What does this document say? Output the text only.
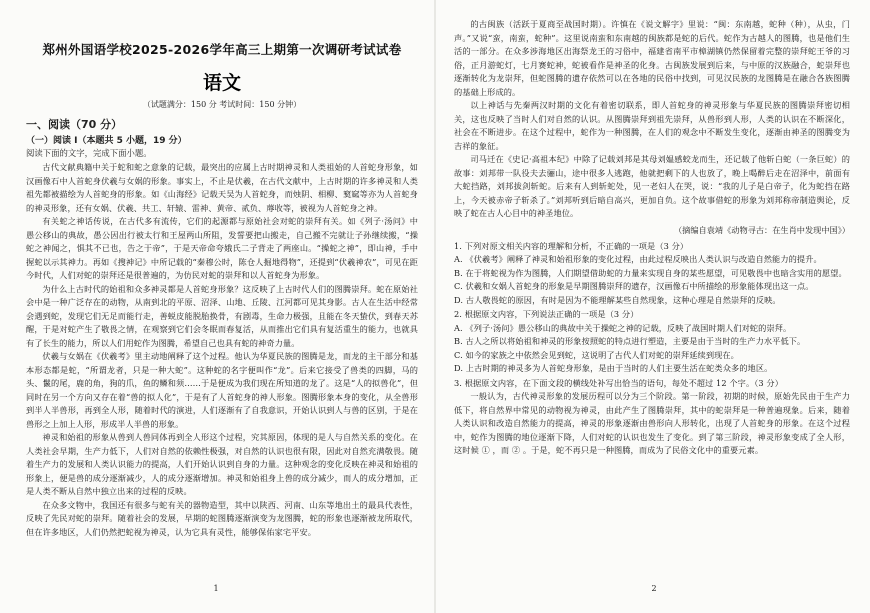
郑州外国语学校2025-2026学年高三上期第一次调研考试试卷
语文
（试题满分：150 分 考试时间：150 分钟）
一、阅读（70 分）
（一）阅读 I（本题共 5 小题，19 分）
阅读下面的文字，完成下面小题。

古代文献典籍中关于蛇和蛇之意象的记载，最突出的应属上古时期神灵和人类祖始的人首蛇身形象，如汉画像石中人首蛇身伏羲与女娲的形象。事实上，不止是伏羲，在古代文献中，上古时期的许多神灵和人类祖先都被描绘为人首蛇身的形象。如《山海经》记载天吴为人首蛇身，而烛阴、相柳、窫窳等亦为人首蛇身的神灵形象，还有女娲、伏羲、共工、轩辕、雷神、黄帝、贰负、蓐收等，被视为人首蛇身之神。

有关蛇之神话传说，在古代多有流传，它们的起源都与原始社会对蛇的崇拜有关。如《列子·汤问》中愚公移山的典故，愚公因出行被太行和王屋两山所阻，发誓要把山搬走，自己搬不完就让子孙继续搬，“操蛇之神闻之，惧其不已也，告之于帝”，于是天帝命夸娥氏二子背走了两座山。“操蛇之神”，即山神，手中握蛇以示其神力。再如《搜神记》中所记载的“秦穆公时，陈仓人掘地得物”，还提到“伏羲神农”，可见在距今时代，人们对蛇的崇拜还是很普遍的，为仿民对蛇的崇拜和以人首蛇身为形象。

为什么上古时代的始祖和众多神灵都是人首蛇身形象？这反映了上古时代人们的图腾崇拜。蛇在原始社会中是一种广泛存在的动物，从南到北的平原、沼泽、山地、丘陵、江河都可见其身影。古人在生活中经常会遇到蛇，发现它们无足而能行走，善蜕皮能脱胎换骨，有剧毒，生命力极强，且能在冬天蛰伏，到春天苏醒，于是对蛇产生了敬畏之情，在观察到它们会冬眠而春复活，从而推出它们具有复活重生的能力，也就具有了长生的能力，所以人们用蛇作为图腾，希望自己也具有蛇的神奇力量。

伏羲与女娲在《伏羲考》里主动地阐释了这个过程。他认为华夏民族的图腾是龙，而龙的主干部分和基本形态都是蛇，“所谓龙者，只是一种大蛇”。这种蛇的名字便叫作“龙”。后来它接受了兽类的四脚，马的头、鬣的尾，鹿的角，狗的爪，鱼的鳞和须……于是便成为我们现在所知道的龙了。这是“人的拟兽化”，但同时在另一个方向又存在着“兽的拟人化”，于是有了人首蛇身的神人形象。图腾形象本身的变化，从全兽形到半人半兽形，再到全人形，随着时代的演进，人们逐渐有了自我意识，开始认识到人与兽的区别，于是在兽形之上加上人形，形成半人半兽的形象。

神灵和始祖的形象从兽到人兽同体再到全人形这个过程，究其原因，体现的是人与自然关系的变化。在人类社会早期，生产力低下，人们对自然的依赖性极强，对自然的认识也很有限，因此对自然充满敬畏。随着生产力的发展和人类认识能力的提高，人们开始认识到自身的力量。这种观念的变化反映在神灵和始祖的形象上，便是兽的成分逐渐减少，人的成分逐渐增加。神灵和始祖身上兽的成分减少，而人的成分增加，正是人类不断从自然中独立出来的过程的反映。

在众多文物中，我国还有很多与蛇有关的器物造型，其中以陕西、河南、山东等地出土的最具代表性，反映了先民对蛇的崇拜。随着社会的发展，早期的蛇图腾逐渐演变为龙图腾，蛇的形象也逐渐被龙所取代，但在许多地区，人们仍然把蛇视为神灵，认为它具有灵性，能够保佑家宅平安。

1

的古闽族（活跃于夏商至战国时期）。许慎在《说文解字》里说：“闽：东南越，蛇种（种），从虫，门声。”又说“蛮，南蛮，蛇种”。这里说南蛮和东南越的闽族都是蛇的后代。蛇作为古越人的图腾，也是他们生活的一部分。在众多涉海地区出海祭龙王的习俗中，福建省南平市樟湖镇仍然保留着完整的崇拜蛇王爷的习俗，正月游蛇灯，七月赛蛇神，蛇被看作是神圣的化身。古闽族发展到后来，与中原的汉族融合，蛇崇拜也逐渐转化为龙崇拜，但蛇图腾的遗存依然可以在各地的民俗中找到，可见汉民族的龙图腾是在融合各族图腾的基础上形成的。

以上神话与先秦两汉时期的文化有着密切联系，即人首蛇身的神灵形象与华夏民族的图腾崇拜密切相关，这也反映了当时人们对自然的认识。从图腾崇拜到祖先崇拜，从兽形到人形，人类的认识在不断深化，社会在不断进步。在这个过程中，蛇作为一种图腾，在人们的观念中不断发生变化，逐渐由神圣的图腾变为吉祥的象征。

司马迁在《史记·高祖本纪》中除了记载刘邦是其母刘媪感蛟龙而生，还记载了他斩白蛇（一条巨蛇）的故事：刘邦带一队役夫去骊山，途中很多人逃跑，他就把剩下的人也放了，晚上喝醉后走在沼泽中，前面有大蛇挡路，刘邦拔剑斩蛇。后来有人到斩蛇处，见一老妇人在哭，说：“我的儿子是白帝子，化为蛇挡在路上，今天被赤帝子斩杀了。”刘邦听到后暗自高兴，更加自负。这个故事借蛇的形象为刘邦称帝制造舆论，反映了蛇在古人心目中的神圣地位。

（摘编自袁靖《动物寻古：在生肖中发现中国》）

1. 下列对原文相关内容的理解和分析，不正确的一项是（3 分）

A. 《伏羲考》阐释了神灵和始祖形象的变化过程，由此过程反映出人类认识与改造自然能力的提升。

B. 在于将蛇视为作为图腾，人们期望借助蛇的力量来实现自身的某些愿望，可见敬畏中也暗含实用的愿望。

C. 伏羲和女娲人首蛇身的形象是早期图腾崇拜的遗存，汉画像石中所描绘的形象能体现出这一点。

D. 古人敬畏蛇的原因，有时是因为不能理解某些自然现象，这种心理是自然崇拜的反映。

2. 根据原文内容，下列说法正确的一项是（3 分）

A. 《列子·汤问》愚公移山的典故中关于操蛇之神的记载，反映了战国时期人们对蛇的崇拜。

B. 古人之所以将始祖和神灵的形象按照蛇的特点进行塑造，主要是由于当时的生产力水平低下。

C. 如今的家族之中依然会见到蛇，这说明了古代人们对蛇的崇拜延续到现在。

D. 上古时期的神灵多为人首蛇身形象，是由于当时的人们主要生活在蛇类众多的地区。

3. 根据原文内容，在下面文段的横线处补写出恰当的语句，每处不超过 12 个字。（3 分）

一般认为，古代神灵形象的发展历程可以分为三个阶段。第一阶段，初期的时候，原始先民由于生产力低下，将自然界中常见的动物视为神灵，由此产生了图腾崇拜，其中的蛇崇拜是一种普遍现象。后来，随着人类认识和改造自然能力的提高，神灵的形象逐渐由兽形向人形转化，出现了人首蛇身的形象。在这个过程中，蛇作为图腾的地位逐渐下降，人们对蛇的认识也发生了变化。到了第三阶段，神灵形象变成了全人形，这时候 ① ，而 ② 。于是，蛇不再只是一种图腾，而成为了民俗文化中的重要元素。

2
